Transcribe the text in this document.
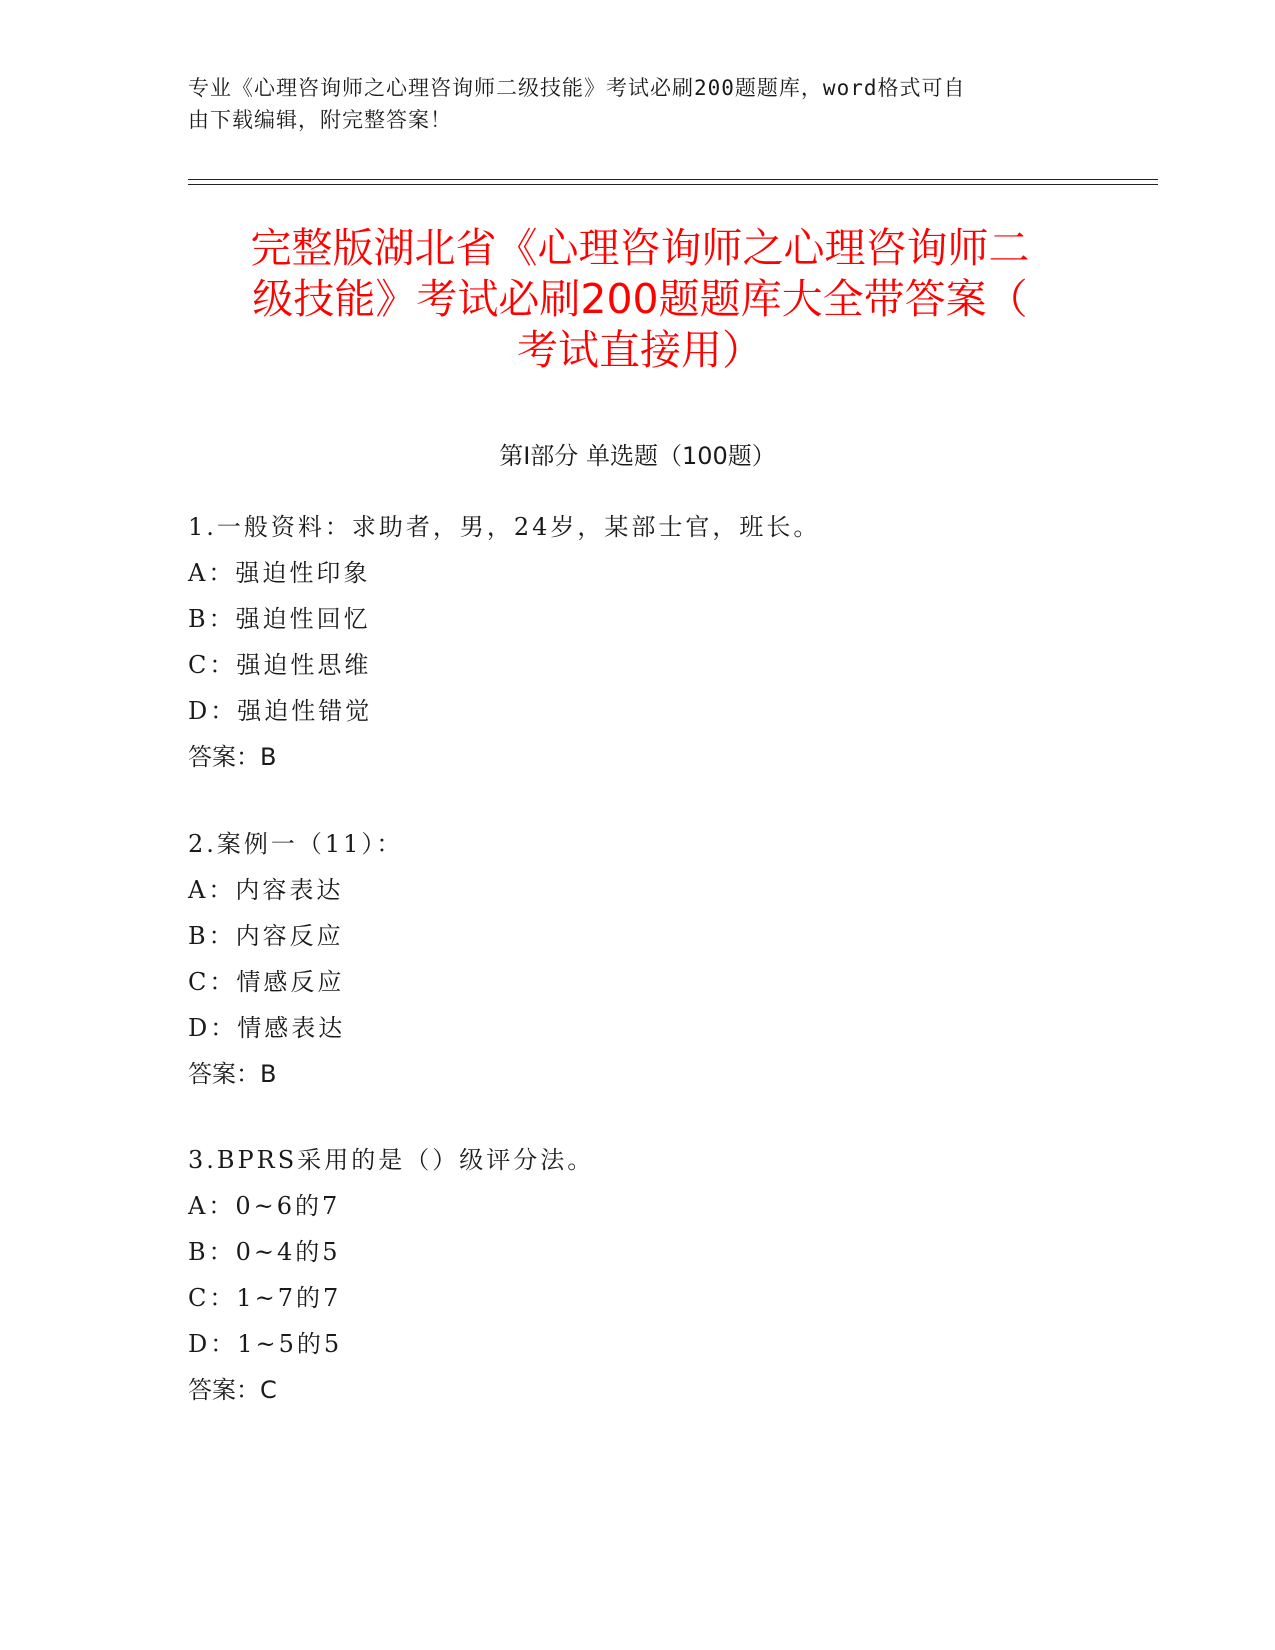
专业《心理咨询师之心理咨询师二级技能》考试必刷200题题库，word格式可自
由下载编辑，附完整答案！
完整版湖北省《心理咨询师之心理咨询师二
级技能》考试必刷200题题库大全带答案（
考试直接用）
第I部分 单选题（100题）
1.一般资料：求助者，男，24岁，某部士官，班长。
A：强迫性印象
B：强迫性回忆
C：强迫性思维
D：强迫性错觉
答案：B
2.案例一（11）：
A：内容表达
B：内容反应
C：情感反应
D：情感表达
答案：B
3.BPRS采用的是（）级评分法。
A：0~6的7
B：0~4的5
C：1~7的7
D：1~5的5
答案：C
